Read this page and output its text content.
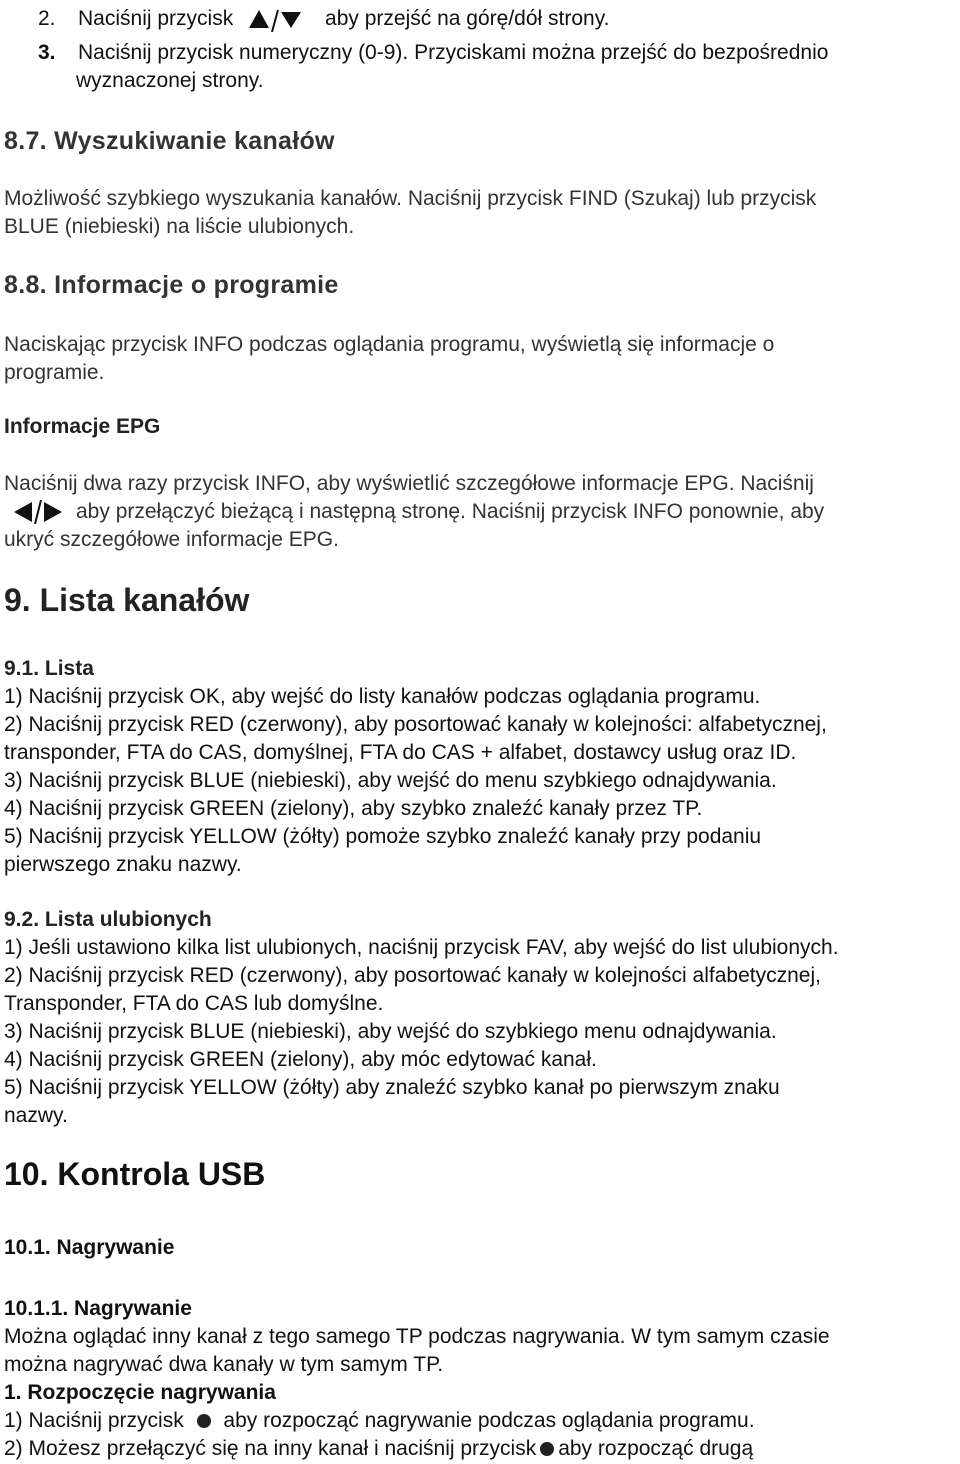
2. Naciśnij przycisk	aby przejść na górę/dół strony.
3. Naciśnij przycisk numeryczny (0-9). Przyciskami można przejść do bezpośrednio
wyznaczonej strony.
8.7. Wyszukiwanie kanałów
Możliwość szybkiego wyszukania kanałów. Naciśnij przycisk FIND (Szukaj) lub przycisk
BLUE (niebieski) na liście ulubionych.
8.8. Informacje o programie
Naciskając przycisk INFO podczas oglądania programu, wyświetlą się informacje o
programie.
Informacje EPG
Naciśnij dwa razy przycisk INFO, aby wyświetlić szczegółowe informacje EPG. Naciśnij
aby przełączyć bieżącą i następną stronę. Naciśnij przycisk INFO ponownie, aby
ukryć szczegółowe informacje EPG.
9. Lista kanałów
9.1. Lista
1) Naciśnij przycisk OK, aby wejść do listy kanałów podczas oglądania programu.
2) Naciśnij przycisk RED (czerwony), aby posortować kanały w kolejności: alfabetycznej,
transponder, FTA do CAS, domyślnej, FTA do CAS + alfabet, dostawcy usług oraz ID.
3) Naciśnij przycisk BLUE (niebieski), aby wejść do menu szybkiego odnajdywania.
4) Naciśnij przycisk GREEN (zielony), aby szybko znaleźć kanały przez TP.
5) Naciśnij przycisk YELLOW (żółty) pomoże szybko znaleźć kanały przy podaniu
pierwszego znaku nazwy.
9.2. Lista ulubionych
1) Jeśli ustawiono kilka list ulubionych, naciśnij przycisk FAV, aby wejść do list ulubionych.
2) Naciśnij przycisk RED (czerwony), aby posortować kanały w kolejności alfabetycznej,
Transponder, FTA do CAS lub domyślne.
3) Naciśnij przycisk BLUE (niebieski), aby wejść do szybkiego menu odnajdywania.
4) Naciśnij przycisk GREEN (zielony), aby móc edytować kanał.
5) Naciśnij przycisk YELLOW (żółty) aby znaleźć szybko kanał po pierwszym znaku
nazwy.
10. Kontrola USB
10.1. Nagrywanie
10.1.1. Nagrywanie
Można oglądać inny kanał z tego samego TP podczas nagrywania. W tym samym czasie
można nagrywać dwa kanały w tym samym TP.
1. Rozpoczęcie nagrywania
1) Naciśnij przycisk aby rozpocząć nagrywanie podczas oglądania programu.
2) Możesz przełączyć się na inny kanał i naciśnij przycisk aby rozpocząć drugą
